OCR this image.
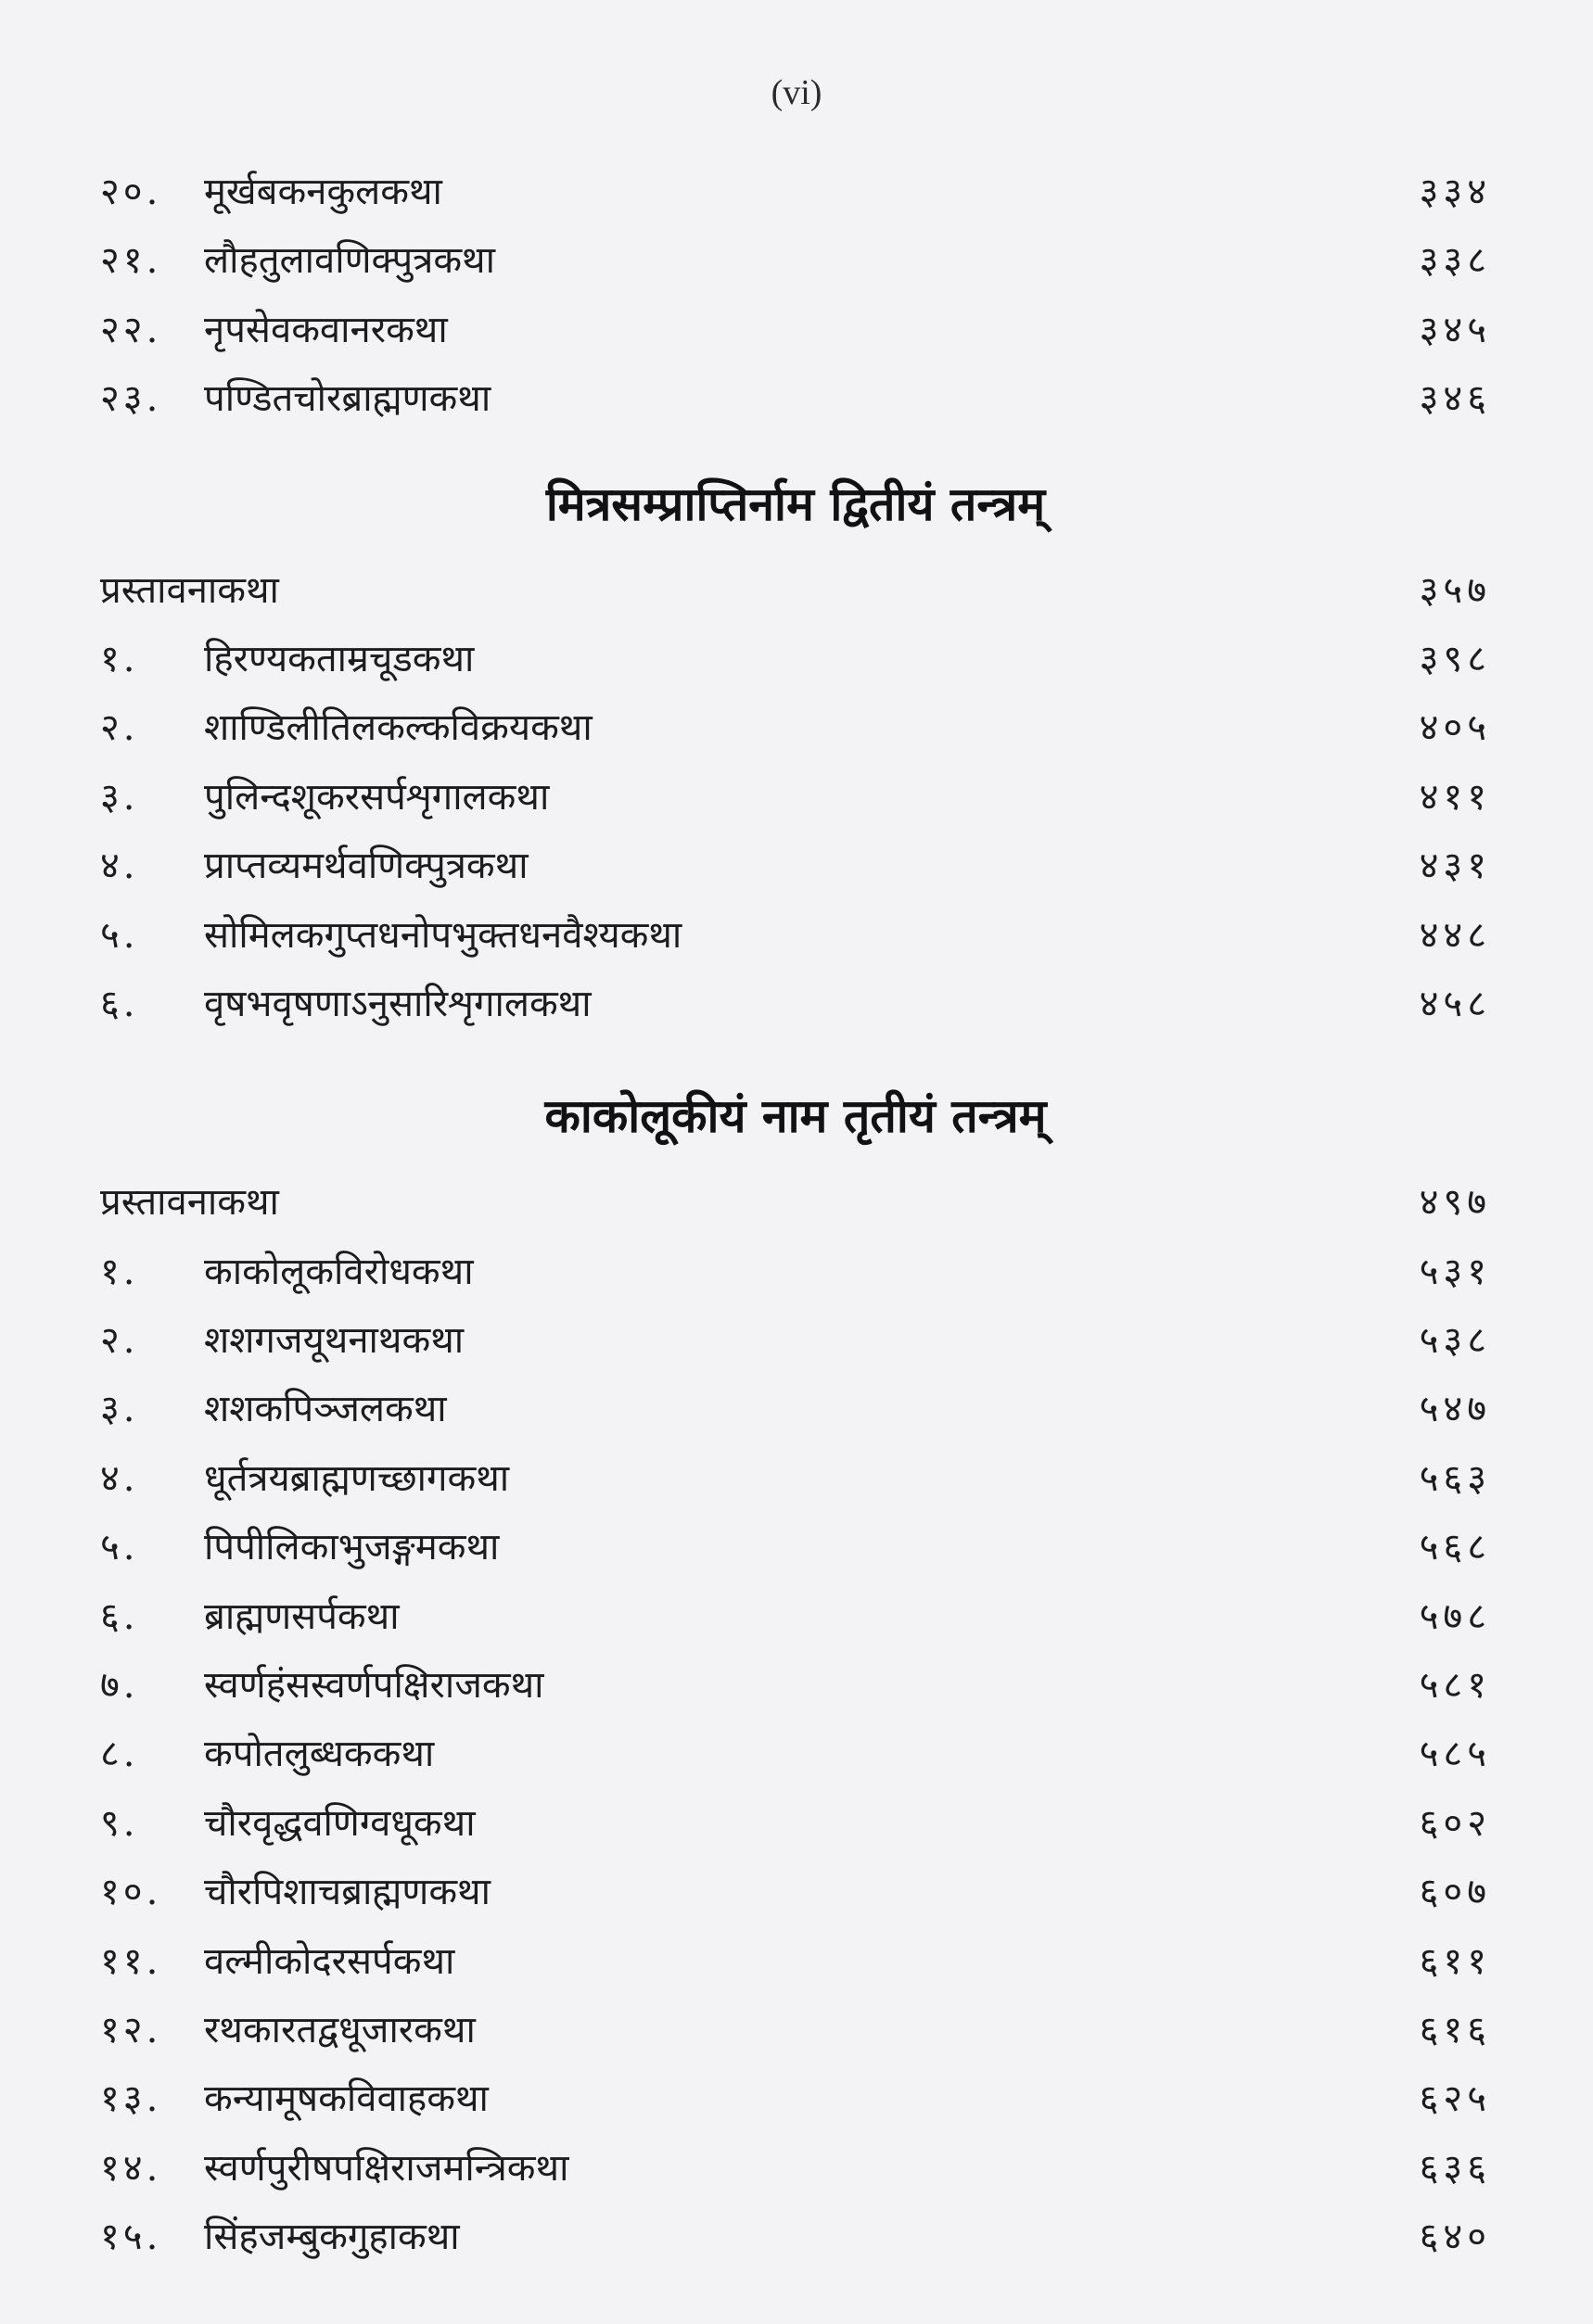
(vi)
२०.	मूर्खबकनकुलकथा	३३४
२१.	लौहतुलावणिक्पुत्रकथा	३३८
२२.	नृपसेवकवानरकथा	३४५
२३.	पण्डितचोरब्राह्मणकथा	३४६
मित्रसम्प्राप्तिर्नाम द्वितीयं तन्त्रम्
प्रस्तावनाकथा	३५७
१.	हिरण्यकताम्रचूडकथा	३९८
२.	शाण्डिलीतिलकल्कविक्रयकथा	४०५
३.	पुलिन्दशूकरसर्पशृगालकथा	४११
४.	प्राप्तव्यमर्थवणिक्पुत्रकथा	४३१
५.	सोमिलकगुप्तधनोपभुक्तधनवैश्यकथा	४४८
६.	वृषभवृषणाऽनुसारिशृगालकथा	४५८
काकोलूकीयं नाम तृतीयं तन्त्रम्
प्रस्तावनाकथा	४९७
१.	काकोलूकविरोधकथा	५३१
२.	शशगजयूथनाथकथा	५३८
३.	शशकपिञ्जलकथा	५४७
४.	धूर्तत्रयब्राह्मणच्छागकथा	५६३
५.	पिपीलिकाभुजङ्गमकथा	५६८
६.	ब्राह्मणसर्पकथा	५७८
७.	स्वर्णहंसस्वर्णपक्षिराजकथा	५८१
८.	कपोतलुब्धककथा	५८५
९.	चौरवृद्धवणिग्वधूकथा	६०२
१०.	चौरपिशाचब्राह्मणकथा	६०७
११.	वल्मीकोदरसर्पकथा	६११
१२.	रथकारतद्वधूजारकथा	६१६
१३.	कन्यामूषकविवाहकथा	६२५
१४.	स्वर्णपुरीषपक्षिराजमन्त्रिकथा	६३६
१५.	सिंहजम्बुकगुहाकथा	६४०
